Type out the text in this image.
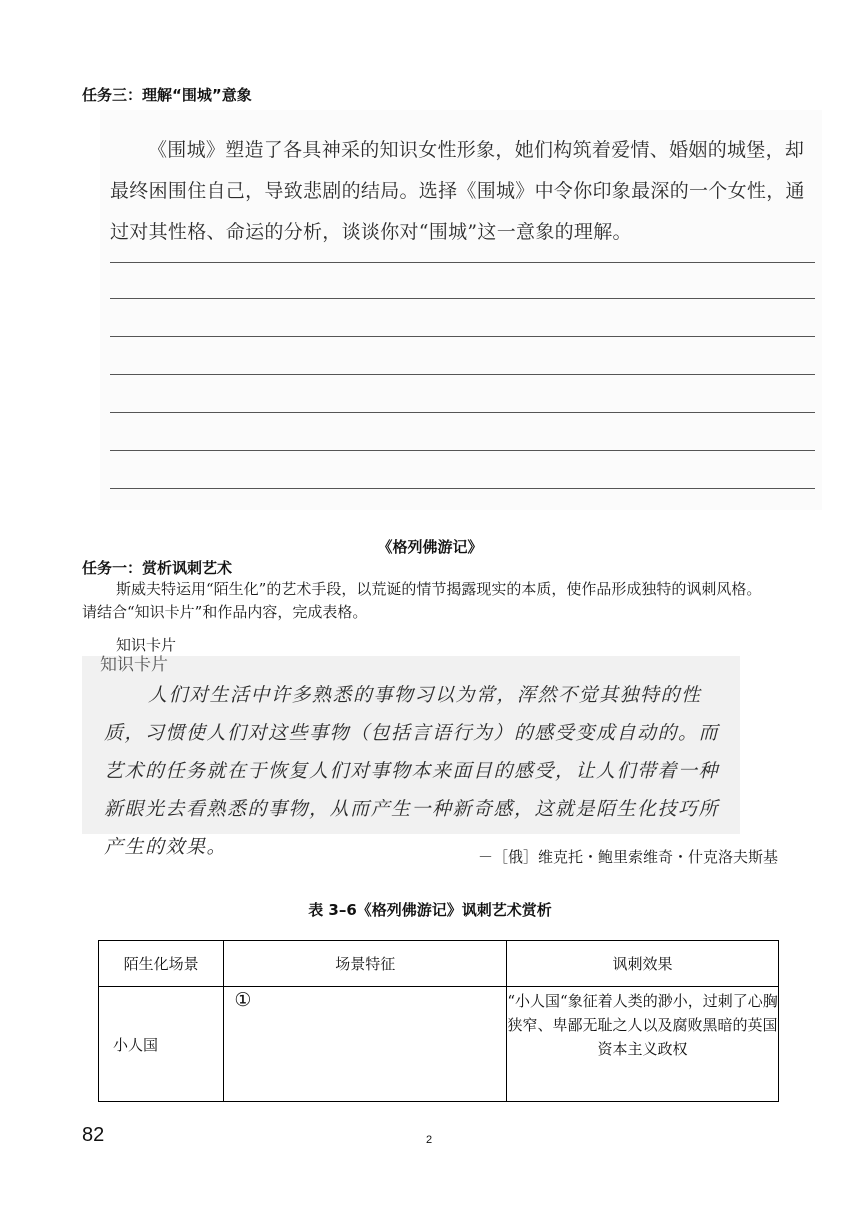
任务三：理解“围城”意象

《围城》塑造了各具神采的知识女性形象，她们构筑着爱情、婚姻的城堡，却最终困围住自己，导致悲剧的结局。选择《围城》中令你印象最深的一个女性，通过对其性格、命运的分析，谈谈你对“围城”这一意象的理解。

《格列佛游记》
任务一：赏析讽刺艺术
斯威夫特运用“陌生化”的艺术手段，以荒诞的情节揭露现实的本质，使作品形成独特的讽刺风格。请结合“知识卡片”和作品内容，完成表格。
知识卡片
知识卡片
人们对生活中许多熟悉的事物习以为常，浑然不觉其独特的性质，习惯使人们对这些事物（包括言语行为）的感受变成自动的。而艺术的任务就在于恢复人们对事物本来面目的感受，让人们带着一种新眼光去看熟悉的事物，从而产生一种新奇感，这就是陌生化技巧所产生的效果。	－［俄］维克托・鲍里索维奇・什克洛夫斯基
表 3–6《格列佛游记》讽刺艺术赏析
陌生化场景	场景特征	讽刺效果
小人国	①	“小人国“象征着人类的渺小，过刺了心胸狭窄、卑鄙无耻之人以及腐败黑暗的英国资本主义政权
82	2
